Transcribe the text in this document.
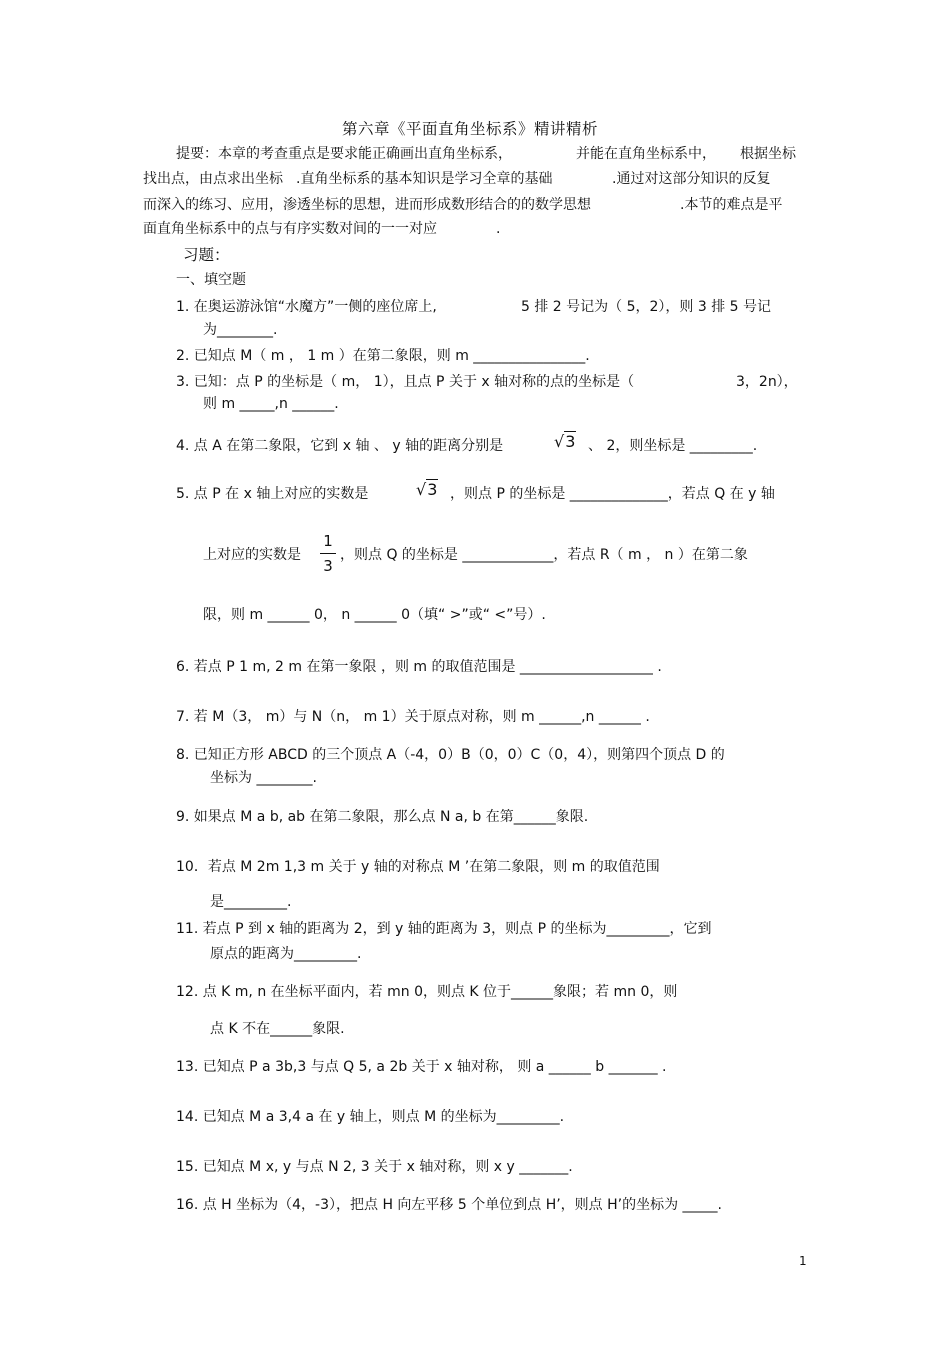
第六章《平面直角坐标系》精讲精析
提要：本章的考查重点是要求能正确画出直角坐标系，	并能在直角坐标系中， 根据坐标
找出点，由点求出坐标 .直角坐标系的基本知识是学习全章的基础	.通过对这部分知识的反复
而深入的练习、应用，渗透坐标的思想，进而形成数形结合的的数学思想	.本节的难点是平
面直角坐标系中的点与有序实数对间的一一对应	.
习题：
一、填空题
1. 在奥运游泳馆“水魔方”一侧的座位席上,	5 排 2 号记为（ 5，2），则 3 排 5 号记
为________.
2. 已知点 M（ m ， 1 m ）在第二象限，则 m ________________.
3. 已知：点 P 的坐标是（ m， 1），且点 P 关于 x 轴对称的点的坐标是（	3，2n），
则 m _____,n ______.
4. 点 A 在第二象限，它到 x 轴 、 y 轴的距离分别是	√3 、 2，则坐标是 _________.
5. 点 P 在 x 轴上对应的实数是	√3 ，则点 P 的坐标是 ______________，若点 Q 在 y 轴
上对应的实数是
1
3
，则点 Q 的坐标是 _____________，若点 R（ m ， n ）在第二象
限，则 m ______ 0， n ______ 0（填“ >”或“ <”号）.
6. 若点 P 1 m, 2 m 在第一象限 ，则 m 的取值范围是 ___________________ .
7. 若 M（3， m）与 N（n， m 1）关于原点对称，则 m ______,n ______ .
8. 已知正方形 ABCD 的三个顶点 A（-4，0）B（0，0）C（0，4），则第四个顶点 D 的
坐标为 ________.
9. 如果点 M a b, ab 在第二象限，那么点 N a, b 在第______象限.
10．若点 M 2m 1,3 m 关于 y 轴的对称点 M ’在第二象限，则 m 的取值范围
是_________.
11. 若点 P 到 x 轴的距离为 2，到 y 轴的距离为 3，则点 P 的坐标为_________，它到
原点的距离为_________.
12. 点 K m, n 在坐标平面内，若 mn 0，则点 K 位于______象限；若 mn 0，则
点 K 不在______象限.
13. 已知点 P a 3b,3 与点 Q 5, a 2b 关于 x 轴对称， 则 a ______ b _______ .
14. 已知点 M a 3,4 a 在 y 轴上，则点 M 的坐标为_________.
15. 已知点 M x, y 与点 N 2, 3 关于 x 轴对称，则 x y _______.
16. 点 H 坐标为（4，-3），把点 H 向左平移 5 个单位到点 H’，则点 H’的坐标为 _____.
1
